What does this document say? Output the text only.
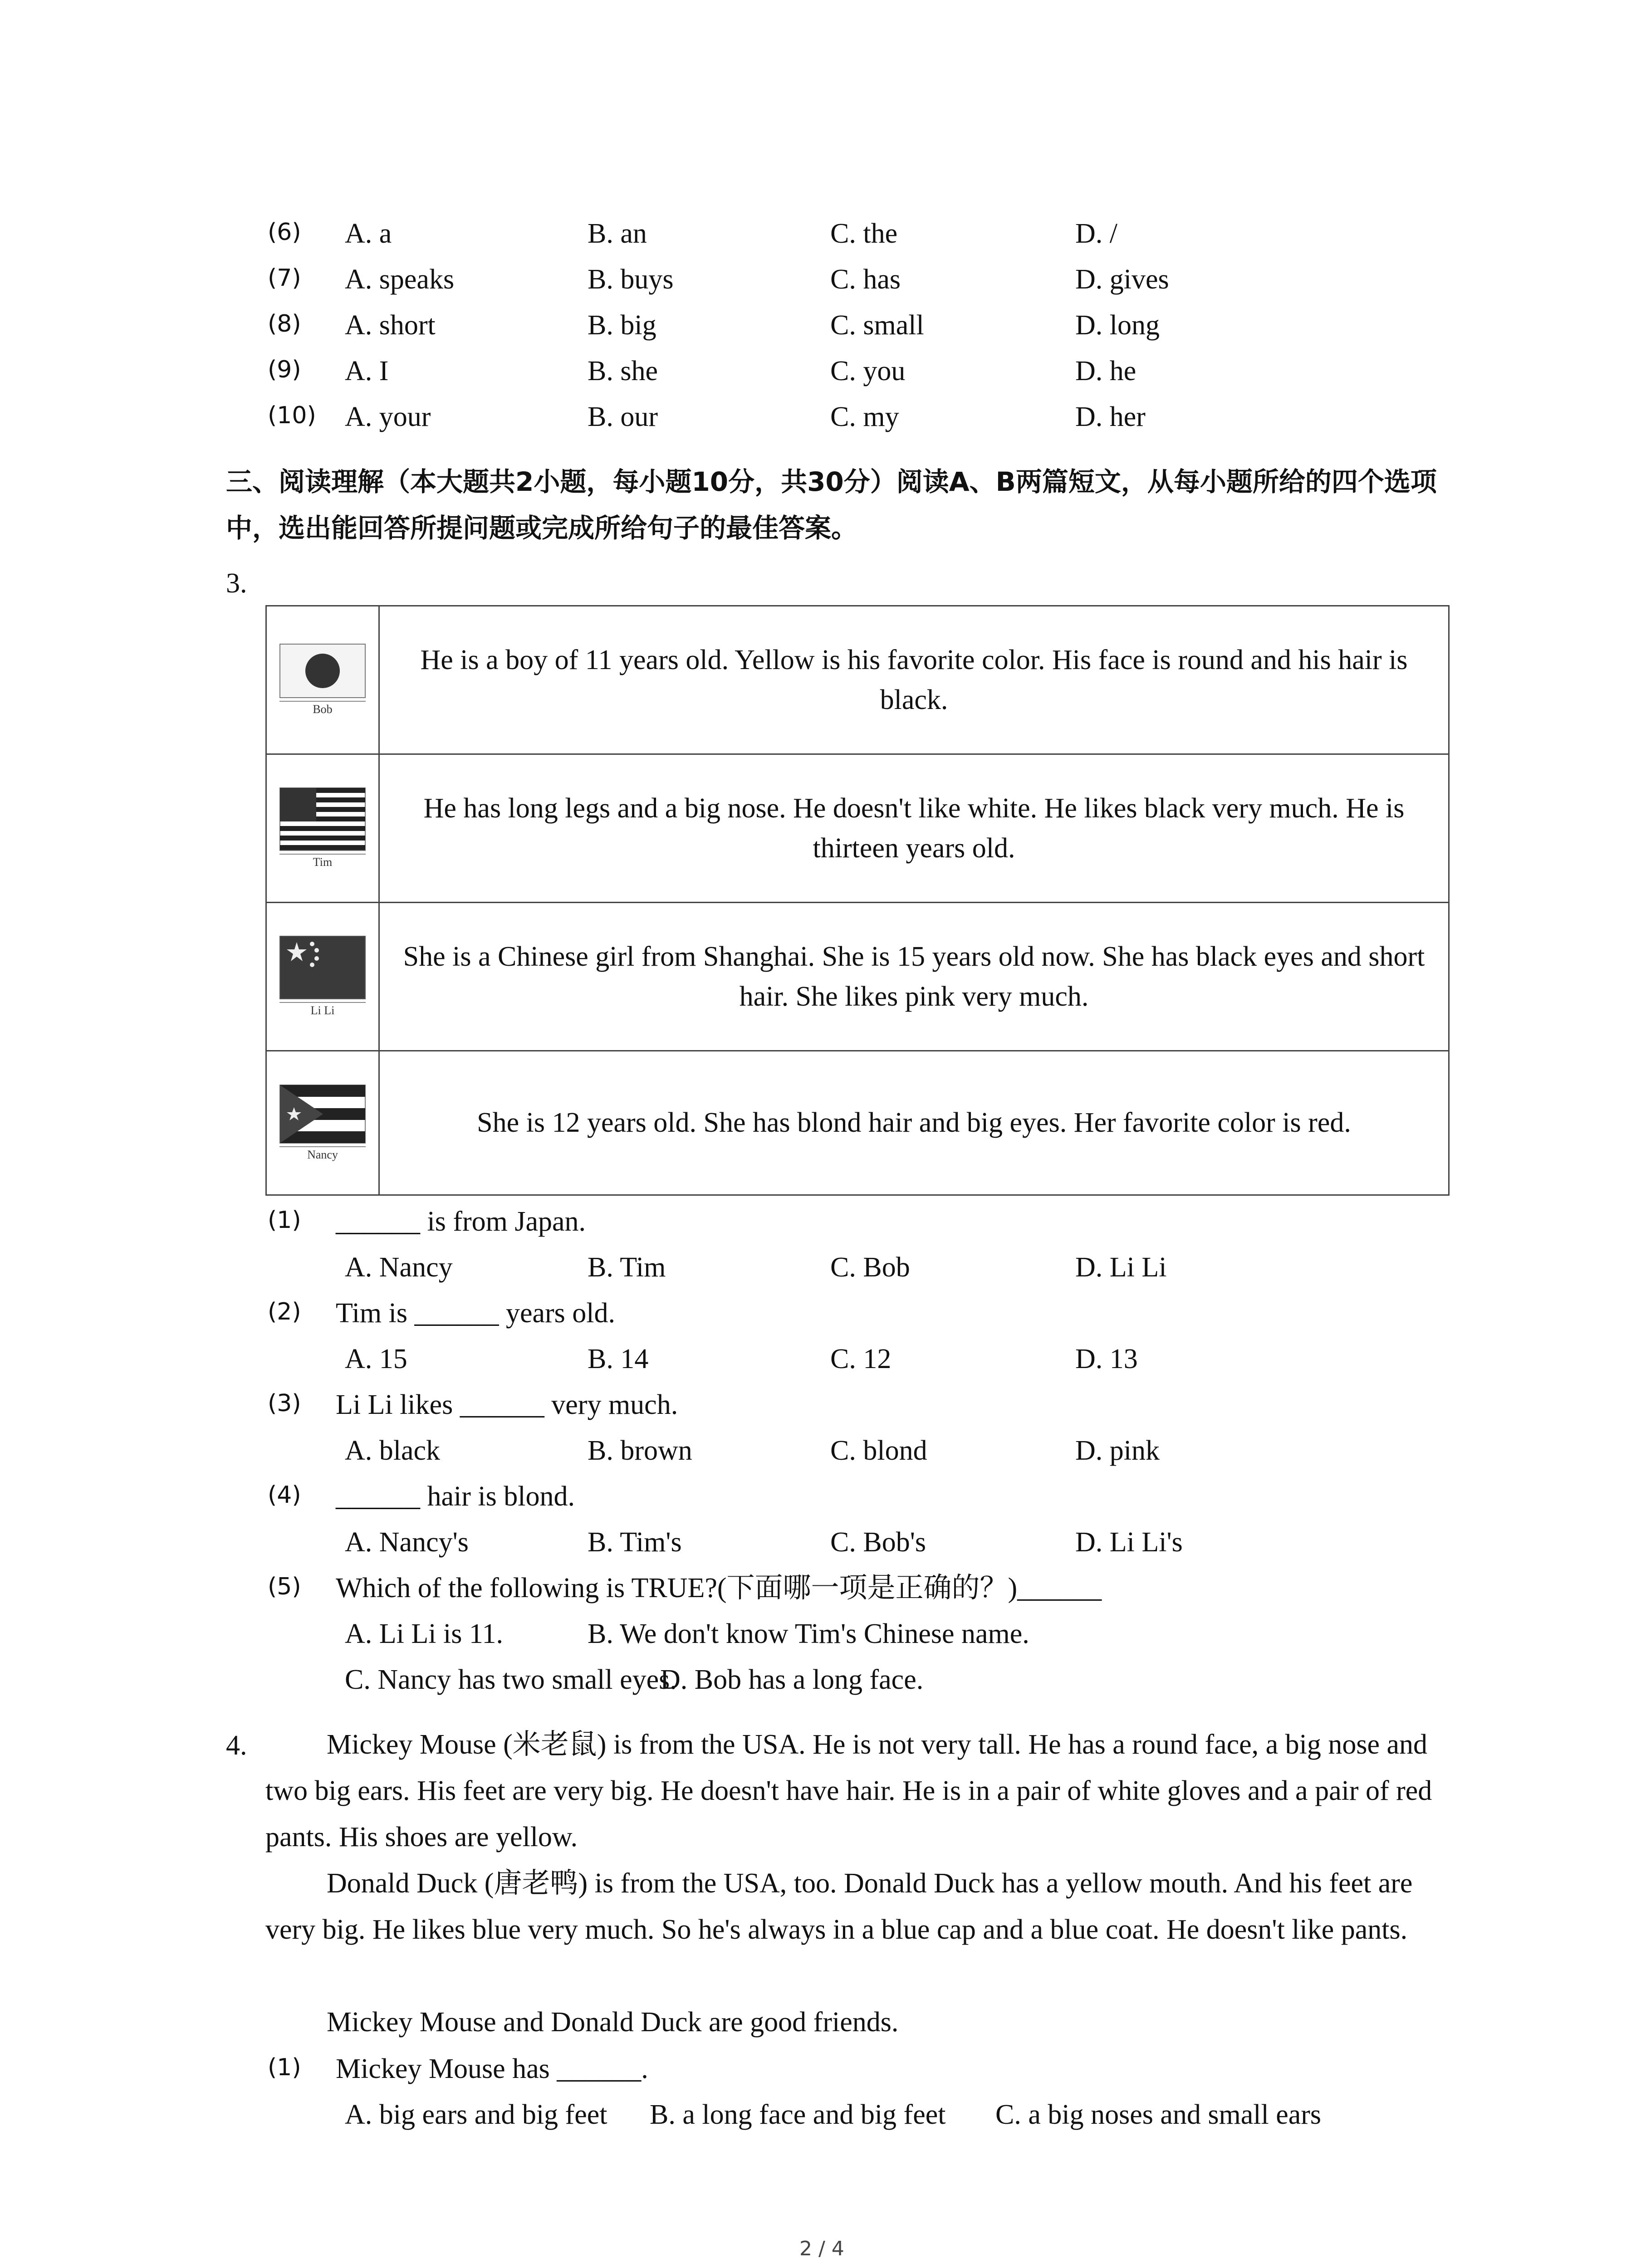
(6) A. a	B. an	C. the	D. /
(7) A. speaks	B. buys	C. has	D. gives
(8) A. short	B. big	C. small	D. long
(9) A. I	B. she	C. you	D. he
(10) A. your	B. our	C. my	D. her
三、阅读理解（本大题共2小题，每小题10分，共30分）阅读A、B两篇短文，从每小题所给的四个选项中，选出能回答所提问题或完成所给句子的最佳答案。
3.
Bob	He is a boy of 11 years old. Yellow is his favorite color. His face is round and his hair is black.

Tim	He has long legs and a big nose. He doesn't like white. He likes black very much. He is thirteen years old.

Li Li	She is a Chinese girl from Shanghai. She is 15 years old now. She has black eyes and short hair. She likes pink very much.

Nancy	She is 12 years old. She has blond hair and big eyes. Her favorite color is red.
(1) ______ is from Japan.
A. Nancy	B. Tim	C. Bob	D. Li Li
(2) Tim is ______ years old.
A. 15	B. 14	C. 12	D. 13
(3) Li Li likes ______ very much.
A. black	B. brown	C. blond	D. pink
(4) ______ hair is blond.
A. Nancy's	B. Tim's	C. Bob's	D. Li Li's
(5) Which of the following is TRUE?(下面哪一项是正确的？)______
A. Li Li is 11.	B. We don't know Tim's Chinese name.
C. Nancy has two small eyes.
D. Bob has a long face.
4.	Mickey Mouse (米老鼠) is from the USA. He is not very tall. He has a round face, a big nose and two big ears. His feet are very big. He doesn't have hair. He is in a pair of white gloves and a pair of red pants. His shoes are yellow.
Donald Duck (唐老鸭) is from the USA, too. Donald Duck has a yellow mouth. And his feet are very big. He likes blue very much. So he's always in a blue cap and a blue coat. He doesn't like pants.
Mickey Mouse and Donald Duck are good friends.
(1) Mickey Mouse has ______.
A. big ears and big feet B. a long face and big feet C. a big noses and small ears
2 / 4
